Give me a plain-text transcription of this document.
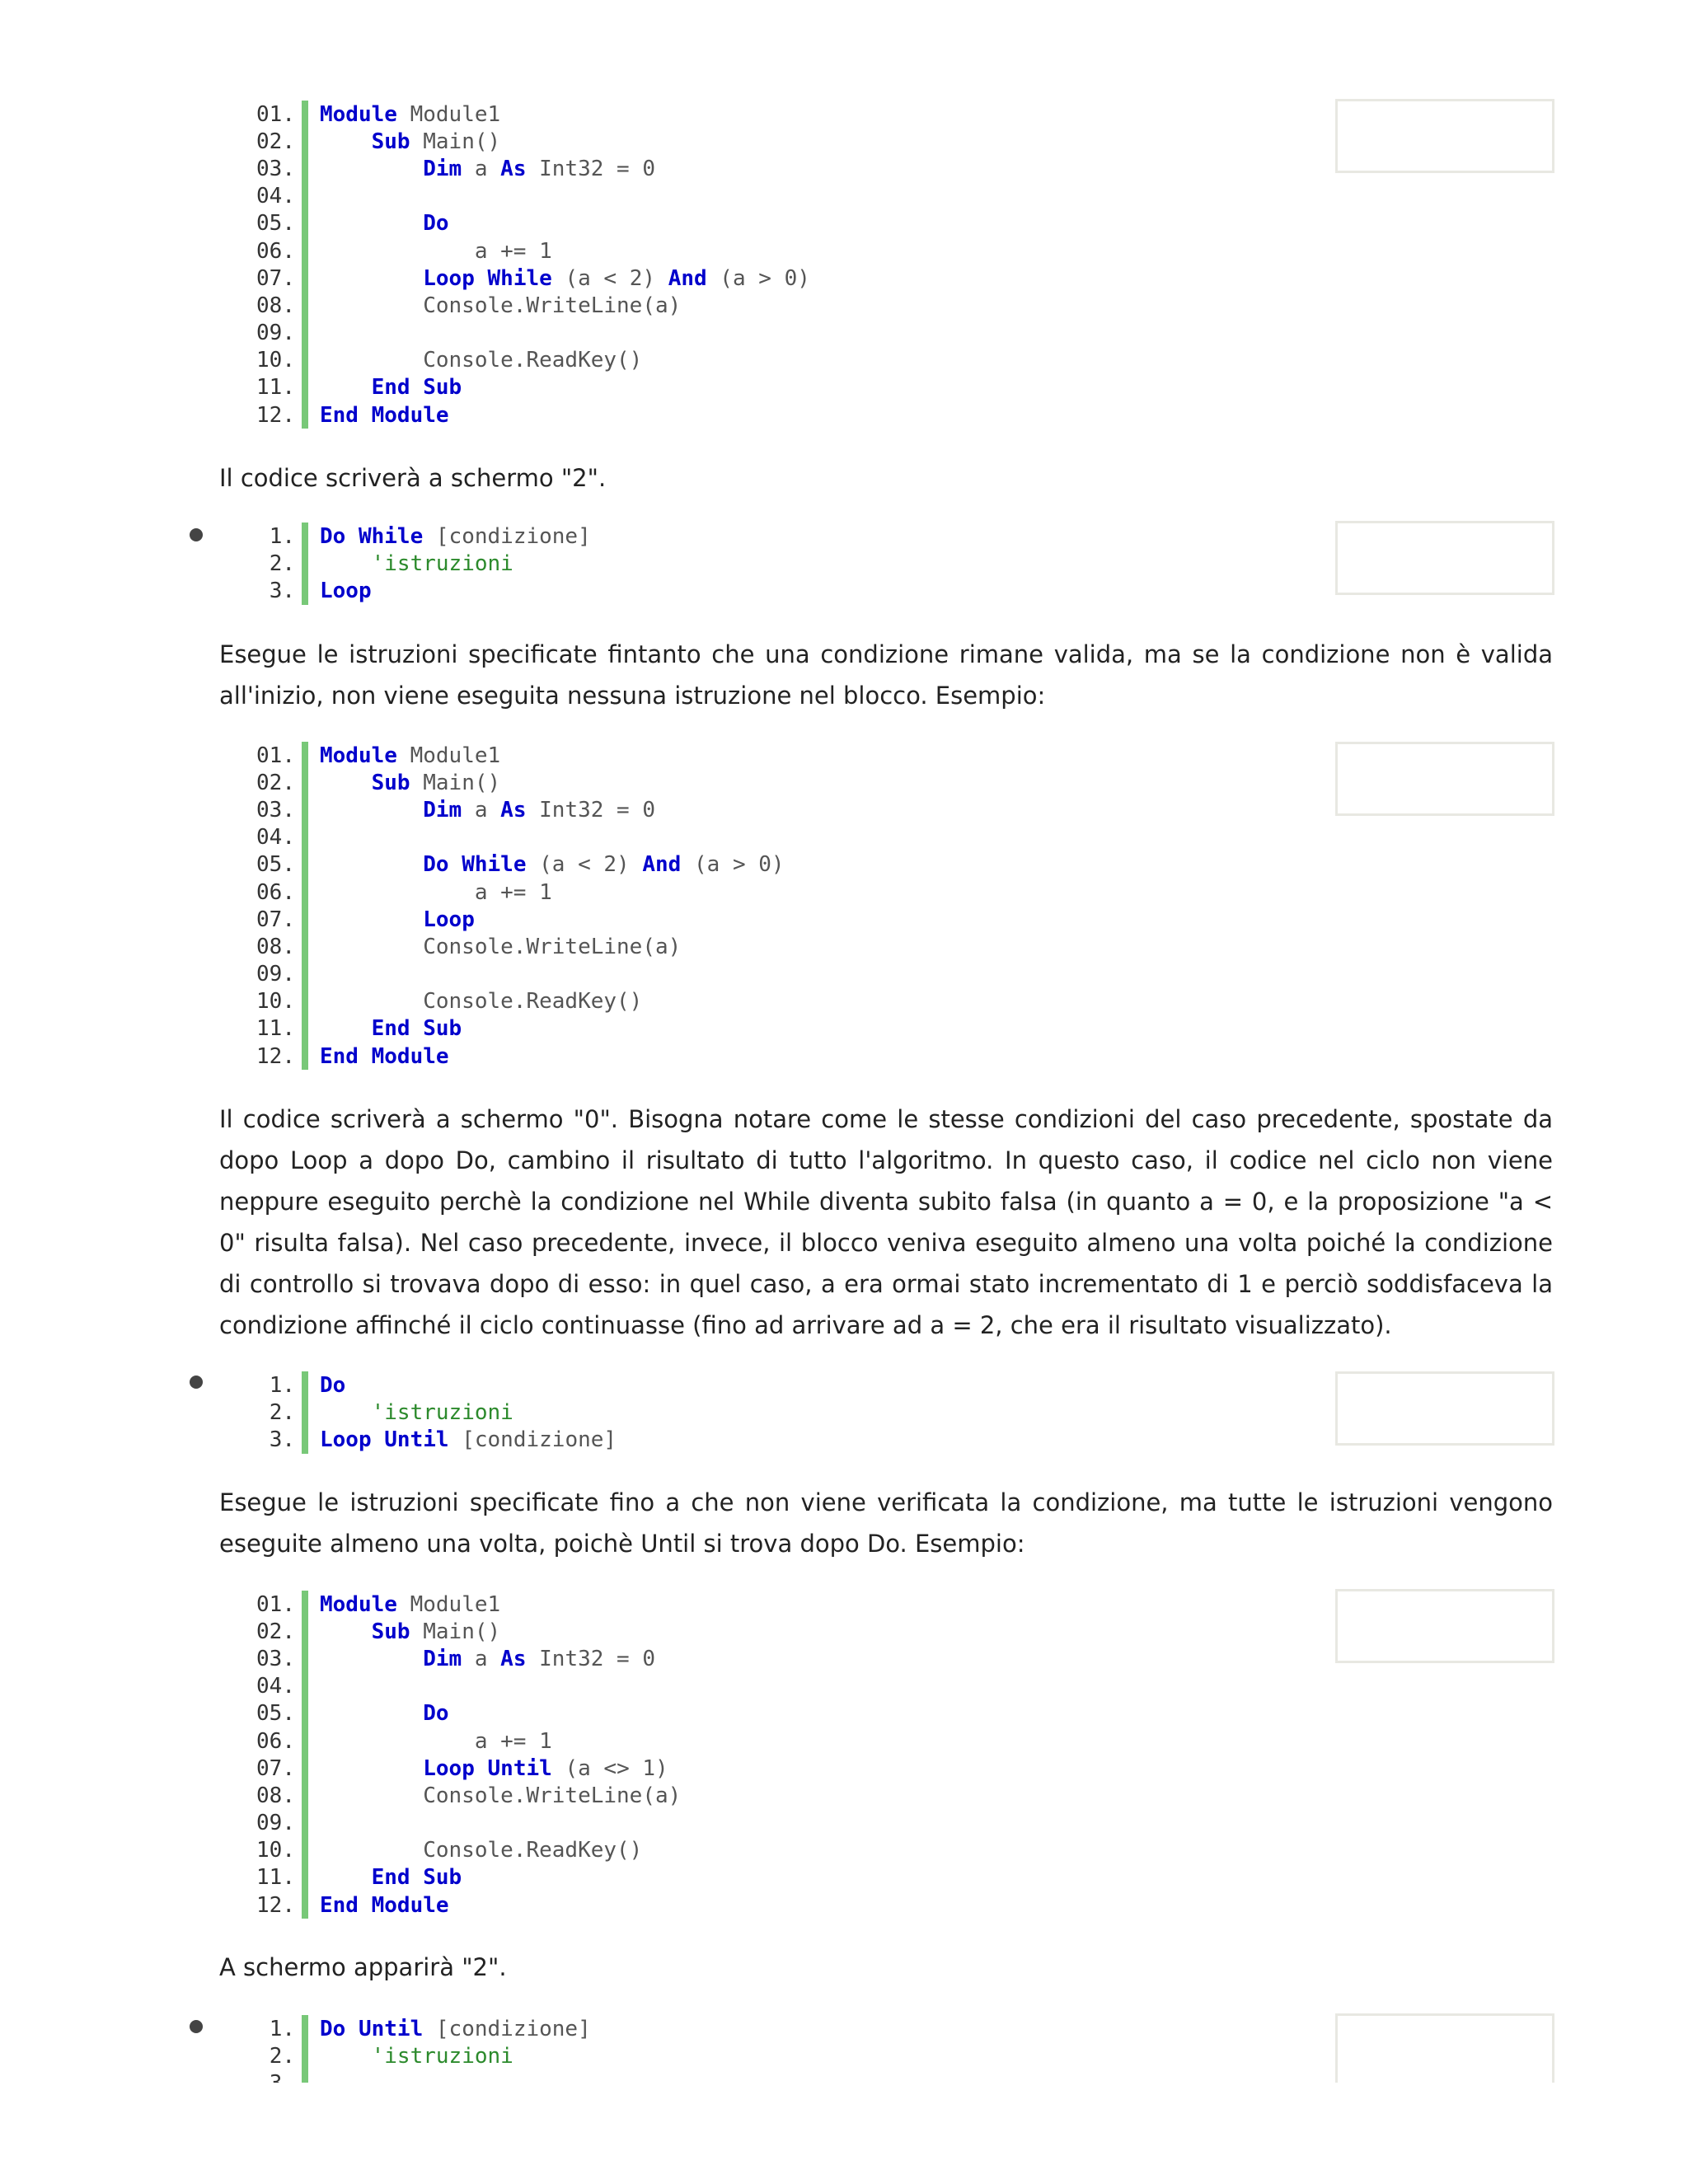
01.	Module Module1
02.	Sub Main()
03.	Dim a As Int32 = 0
04.
05.	Do
06.	a += 1
07.	Loop While (a < 2) And (a > 0)
08.	Console.WriteLine(a)
09.
10.	Console.ReadKey()
11.	End Sub
12.	End Module

Il codice scriverà a schermo "2".

1.	Do While [condizione]
2.	'istruzioni
3.	Loop

Esegue le istruzioni specificate fintanto che una condizione rimane valida, ma se la condizione non è valida all'inizio, non viene eseguita nessuna istruzione nel blocco. Esempio:

01.	Module Module1
02.	Sub Main()
03.	Dim a As Int32 = 0
04.
05.	Do While (a < 2) And (a > 0)
06.	a += 1
07.	Loop
08.	Console.WriteLine(a)
09.
10.	Console.ReadKey()
11.	End Sub
12.	End Module

Il codice scriverà a schermo "0". Bisogna notare come le stesse condizioni del caso precedente, spostate da dopo Loop a dopo Do, cambino il risultato di tutto l'algoritmo. In questo caso, il codice nel ciclo non viene neppure eseguito perchè la condizione nel While diventa subito falsa (in quanto a = 0, e la proposizione "a < 0" risulta falsa). Nel caso precedente, invece, il blocco veniva eseguito almeno una volta poiché la condizione di controllo si trovava dopo di esso: in quel caso, a era ormai stato incrementato di 1 e perciò soddisfaceva la condizione affinché il ciclo continuasse (fino ad arrivare ad a = 2, che era il risultato visualizzato).

1.	Do
2.	'istruzioni
3.	Loop Until [condizione]

Esegue le istruzioni specificate fino a che non viene verificata la condizione, ma tutte le istruzioni vengono eseguite almeno una volta, poichè Until si trova dopo Do. Esempio:

01.	Module Module1
02.	Sub Main()
03.	Dim a As Int32 = 0
04.
05.	Do
06.	a += 1
07.	Loop Until (a <> 1)
08.	Console.WriteLine(a)
09.
10.	Console.ReadKey()
11.	End Sub
12.	End Module

A schermo apparirà "2".

1.	Do Until [condizione]
2.	'istruzioni
